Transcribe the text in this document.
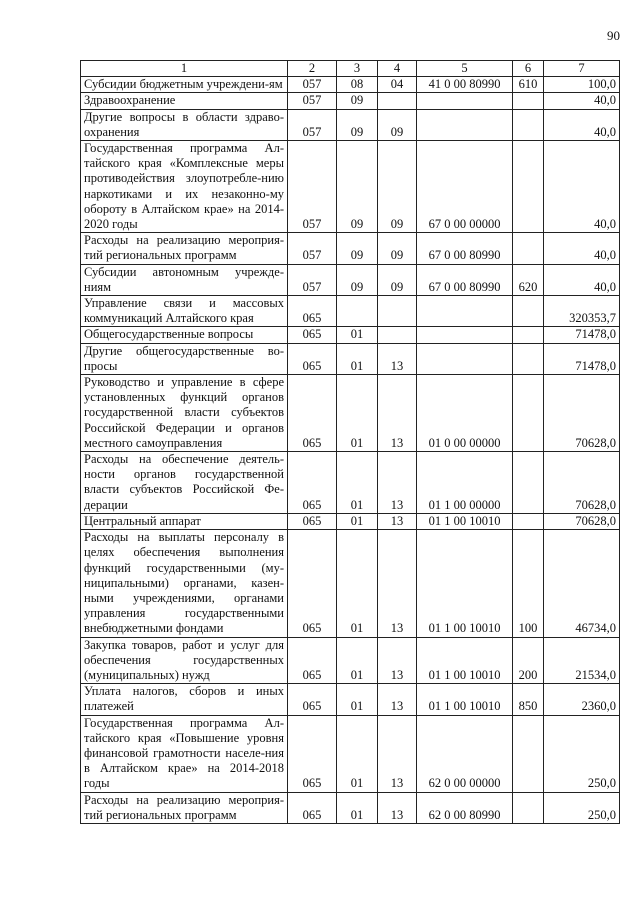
90
1	2	3	4	5	6	7
Субсидии бюджетным учреждени-ям	057	08	04	41 0 00 80990	610	100,0
Здравоохранение	057	09				40,0
Другие вопросы в области здраво-охранения	057	09	09			40,0
Государственная программа Ал-тайского края «Комплексные меры противодействия злоупотребле-нию наркотиками и их незаконно-му обороту в Алтайском крае» на 2014-2020 годы	057	09	09	67 0 00 00000		40,0
Расходы на реализацию мероприя-тий региональных программ	057	09	09	67 0 00 80990		40,0
Субсидии автономным учрежде-ниям	057	09	09	67 0 00 80990	620	40,0
Управление связи и массовых коммуникаций Алтайского края	065					320353,7
Общегосударственные вопросы	065	01				71478,0
Другие общегосударственные во-просы	065	01	13			71478,0
Руководство и управление в сфере установленных функций органов государственной власти субъектов Российской Федерации и органов местного самоуправления	065	01	13	01 0 00 00000		70628,0
Расходы на обеспечение деятель-ности органов государственной власти субъектов Российской Фе-дерации	065	01	13	01 1 00 00000		70628,0
Центральный аппарат	065	01	13	01 1 00 10010		70628,0
Расходы на выплаты персоналу в целях обеспечения выполнения функций государственными (му-ниципальными) органами, казен-ными учреждениями, органами управления государственными внебюджетными фондами	065	01	13	01 1 00 10010	100	46734,0
Закупка товаров, работ и услуг для обеспечения государственных (муниципальных) нужд	065	01	13	01 1 00 10010	200	21534,0
Уплата налогов, сборов и иных платежей	065	01	13	01 1 00 10010	850	2360,0
Государственная программа Ал-тайского края «Повышение уровня финансовой грамотности населе-ния в Алтайском крае» на 2014-2018 годы	065	01	13	62 0 00 00000		250,0
Расходы на реализацию мероприя-тий региональных программ	065	01	13	62 0 00 80990		250,0
